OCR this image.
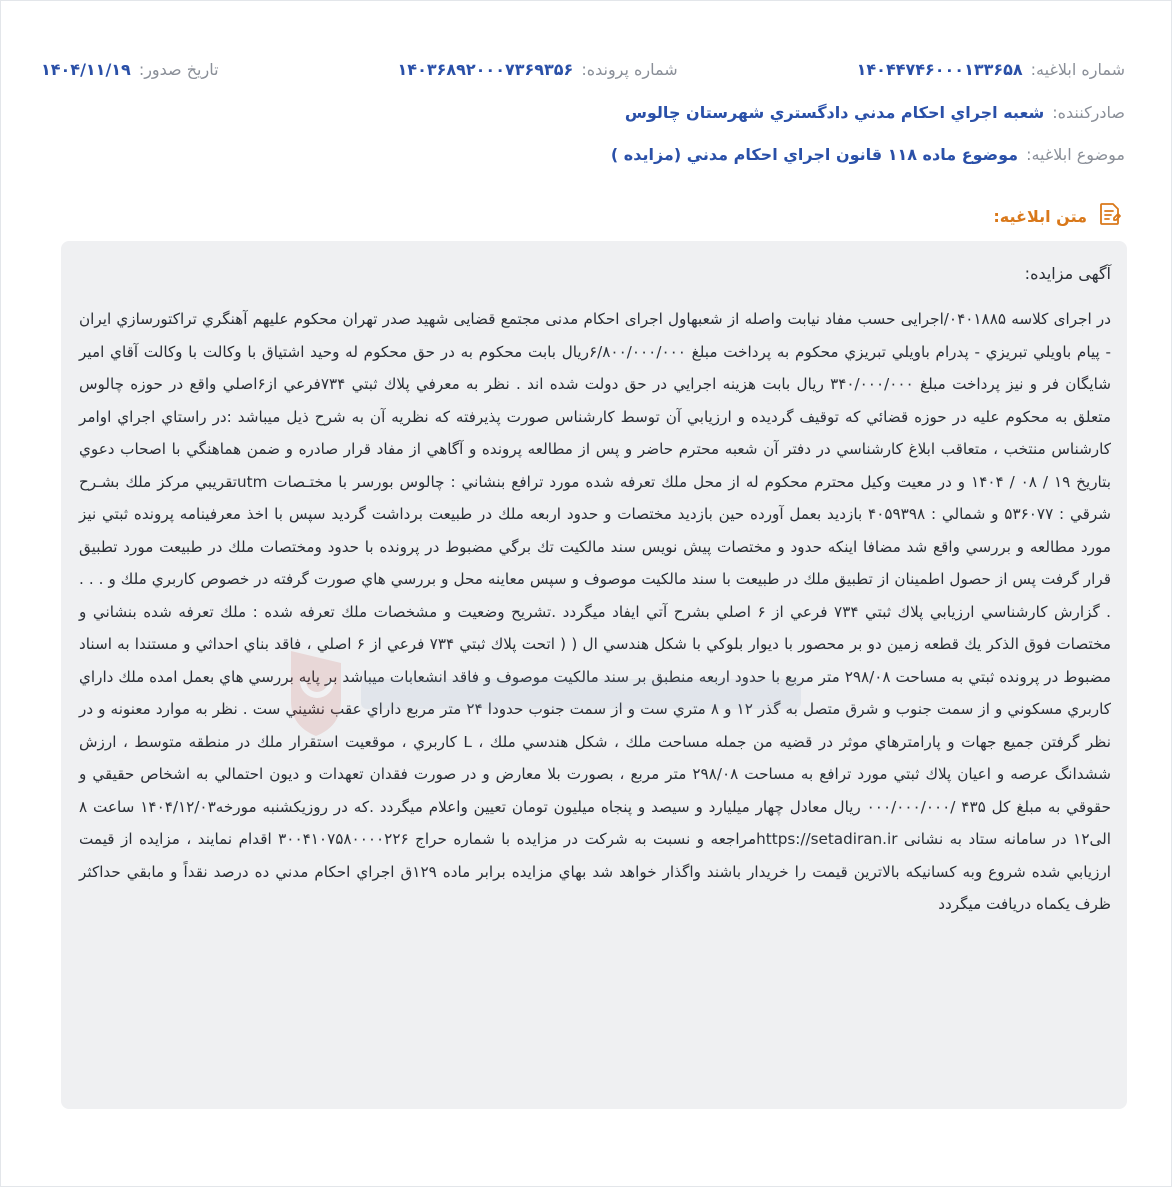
شماره ابلاغيه:
۱۴۰۴۴۷۴۶۰۰۰۱۳۳۶۵۸
شماره پرونده:
۱۴۰۳۶۸۹۲۰۰۰۷۳۶۹۳۵۶
تاريخ صدور:
۱۴۰۴/۱۱/۱۹
صادرکننده:
شعبه اجراي احكام مدني دادگستري شهرستان چالوس
موضوع ابلاغيه:
موضوع ماده ۱۱۸ قانون اجراي احكام مدني (مزايده )
متن ابلاغيه:

آگهی مزايده:

در اجرای کلاسه ۰۴۰۱۸۸۵/اجرایی حسب مفاد نیابت واصله از شعبهاول اجرای احکام مدنی مجتمع قضایی شهید صدر تهران محکوم علیهم آهنگري تراكتورسازي ايران - پيام باويلي تبريزي - پدرام باويلي تبريزي محكوم به پرداخت مبلغ ۶/۸۰۰/۰۰۰/۰۰۰ريال بابت محكوم به در حق محكوم له وحيد اشتياق با وكالت با وكالت آقاي امير شايگان فر و نيز پرداخت مبلغ ۳۴۰/۰۰۰/۰۰۰ ريال بابت هزينه اجرايي در حق دولت شده اند . نظر به معرفي پلاك ثبتي ۷۳۴فرعي از۶اصلي واقع در حوزه چالوس متعلق به محكوم عليه در حوزه قضائي كه توقيف گرديده و ارزيابي آن توسط كارشناس صورت پذيرفته كه نظريه آن به شرح ذيل ميباشد :در راستاي اجراي اوامر كارشناس منتخب ، متعاقب ابلاغ كارشناسي در دفتر آن شعبه محترم حاضر و پس از مطالعه پرونده و آگاهي از مفاد قرار صادره و ضمن هماهنگي با اصحاب دعوي بتاريخ ۱۹ / ۰۸ / ۱۴۰۴ و در معيت وكيل محترم محكوم له از محل ملك تعرفه شده مورد ترافع بنشاني : چالوس بورسر با مختـصات utmتقريبي مركز ملك بشـرح شرقي : ۵۳۶۰۷۷ و شمالي : ۴۰۵۹۳۹۸ بازديد بعمل آورده حين بازديد مختصات و حدود اربعه ملك در طبيعت برداشت گرديد سپس با اخذ معرفينامه پرونده ثبتي نيز مورد مطالعه و بررسي واقع شد مضافا اينكه حدود و مختصات پيش نويس سند مالكيت تك برگي مضبوط در پرونده با حدود ومختصات ملك در طبيعت مورد تطبيق قرار گرفت پس از حصول اطمينان از تطبيق ملك در طبيعت با سند مالكيت موصوف و سپس معاينه محل و بررسي هاي صورت گرفته در خصوص كاربري ملك و . . . . گزارش كارشناسي ارزيابي پلاك ثبتي ۷۳۴ فرعي از ۶ اصلي بشرح آتي ايفاد ميگردد .تشريح وضعيت و مشخصات ملك تعرفه شده : ملك تعرفه شده بنشاني و مختصات فوق الذكر يك قطعه زمين دو بر محصور با ديوار بلوكي با شكل هندسي ال ( ( اتحت پلاك ثبتي ۷۳۴ فرعي از ۶ اصلي ، فاقد بناي احداثي و مستندا به اسناد مضبوط در پرونده ثبتي به مساحت ۲۹۸/۰۸ متر مربع با حدود اربعه منطبق بر سند مالكيت موصوف و فاقد انشعابات ميباشد بر پايه بررسي هاي بعمل امده ملك داراي كاربري مسكوني و از سمت جنوب و شرق متصل به گذر ۱۲ و ۸ متري ست و از سمت جنوب حدودا ۲۴ متر مربع داراي عقب نشيني ست . نظر به موارد معنونه و در نظر گرفتن جميع جهات و پارامترهاي موثر در قضيه من جمله مساحت ملك ، شكل هندسي ملك ، L كاربري ، موقعيت استقرار ملك در منطقه متوسط ، ارزش ششدانگ عرصه و اعيان پلاك ثبتي مورد ترافع به مساحت ۲۹۸/۰۸ متر مربع ، بصورت بلا معارض و در صورت فقدان تعهدات و ديون احتمالي به اشخاص حقيقي و حقوقي به مبلغ كل ۴۳۵ /۰۰۰/۰۰۰/۰۰۰ ريال معادل چهار ميليارد و سيصد و پنجاه ميليون تومان تعيين واعلام ميگردد .كه در روزيكشنبه مورخه۱۴۰۴/۱۲/۰۳ ساعت ۸ الی۱۲ در سامانه ستاد به نشانی https://setadiran.irمراجعه و نسبت به شرکت در مزایده با شماره حراج ۳۰۰۴۱۰۷۵۸۰۰۰۰۲۲۶ اقدام نمايند ، مزايده از قيمت ارزيابي شده شروع وبه كسانيكه بالاترين قيمت را خريدار باشند واگذار خواهد شد بهاي مزايده برابر ماده ۱۲۹ق اجراي احكام مدني ده درصد نقداً و مابقي حداكثر ظرف يكماه دريافت ميگردد
